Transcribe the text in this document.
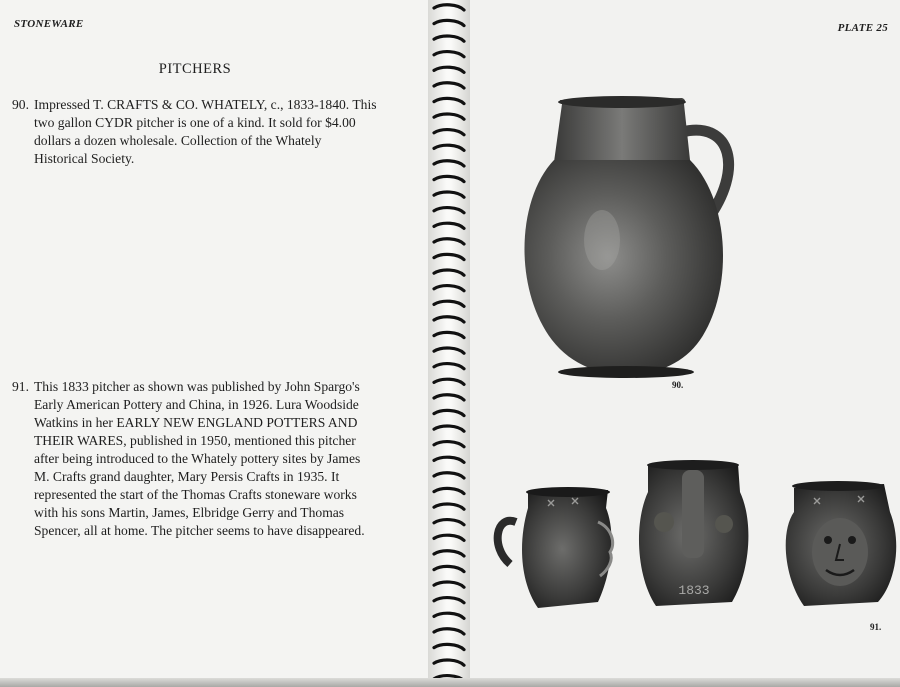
STONEWARE
PITCHERS
90. Impressed T. CRAFTS & CO. WHATELY, c., 1833-1840. This two gallon CYDR pitcher is one of a kind. It sold for $4.00 dollars a dozen wholesale. Collection of the Whately Historical Society.
91. This 1833 pitcher as shown was published by John Spargo's Early American Pottery and China, in 1926. Lura Woodside Watkins in her EARLY NEW ENGLAND POTTERS AND THEIR WARES, published in 1950, mentioned this pitcher after being introduced to the Whately pottery sites by James M. Crafts grand daughter, Mary Persis Crafts in 1935. It represented the start of the Thomas Crafts stoneware works with his sons Martin, James, Elbridge Gerry and Thomas Spencer, all at home. The pitcher seems to have disappeared.
PLATE 25
90.
1833
91.
